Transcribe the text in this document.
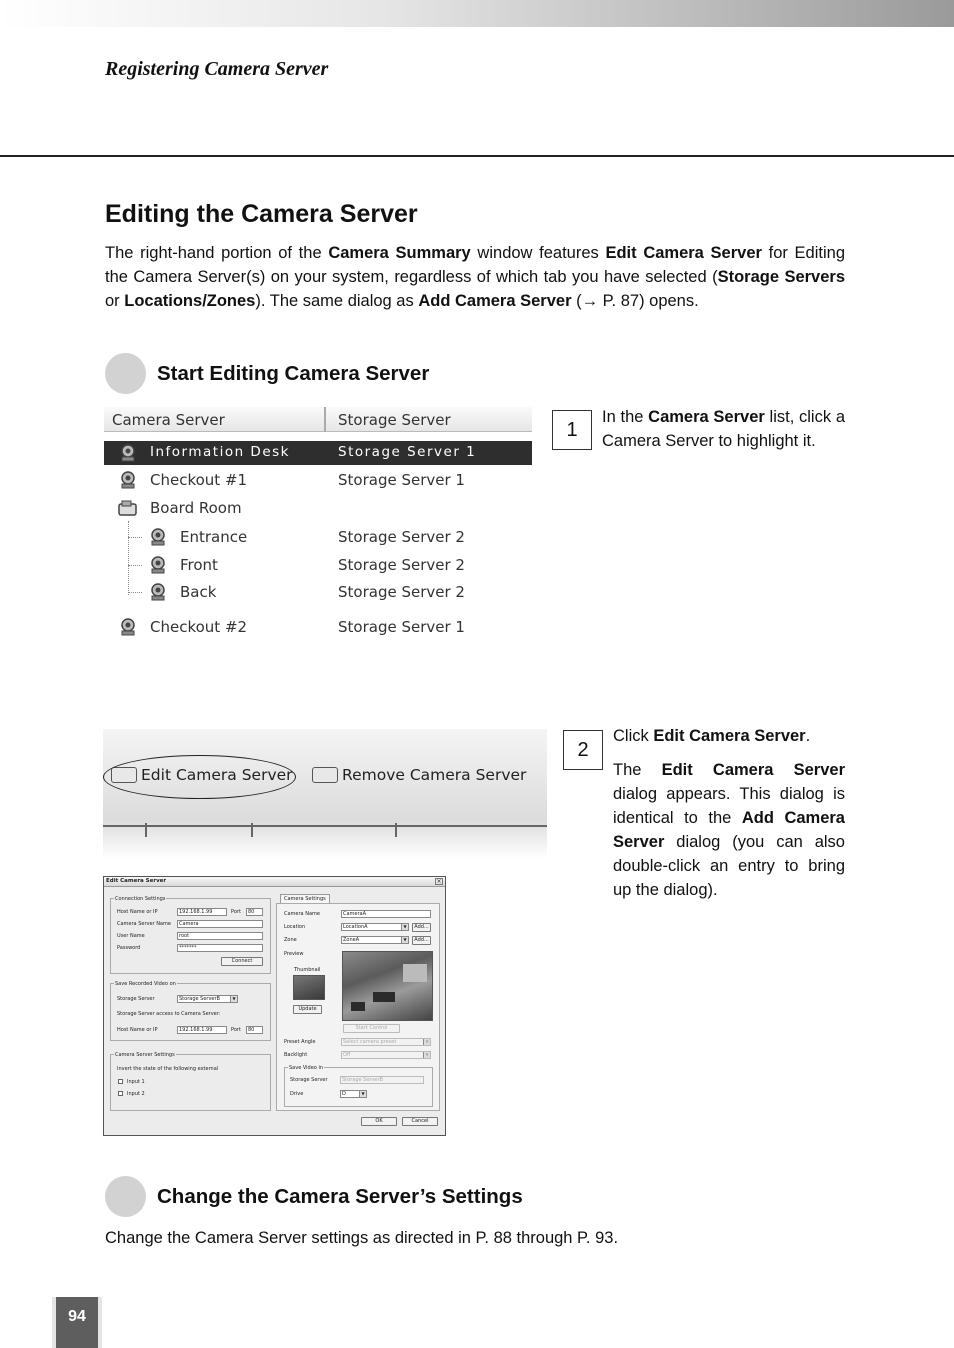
Registering Camera Server
Editing the Camera Server

The right-hand portion of the Camera Summary window features Edit Camera Server for Editing the Camera Server(s) on your system, regardless of which tab you have selected (Storage Servers or Locations/Zones). The same dialog as Add Camera Server (→ P. 87) opens.

Start Editing Camera Server
Camera Server	Storage Server
Information Desk	Storage Server 1
Checkout #1	Storage Server 1
Board Room
Entrance	Storage Server 2
Front	Storage Server 2
Back	Storage Server 2
Checkout #2	Storage Server 1
1

In the Camera Server list, click a Camera Server to highlight it.

Edit Camera Server	Remove Camera Server
2

Click Edit Camera Server.

The Edit Camera Server dialog appears. This dialog is identical to the Add Camera Server dialog (you can also double-click an entry to bring up the dialog).

Edit Camera Server	×
Connection Settings
Host Name or IP	192.168.1.99	Port	80
Camera Server Name	Camera
User Name	root
Password	*******
Connect
Save Recorded Video on
Storage Server	Storage ServerB	▼
Storage Server access to Camera Server:
Host Name or IP	192.168.1.99	Port	80
Camera Server Settings
Invert the state of the following external
Input 1
Input 2
Camera Settings
Camera Name	CameraA
Location	LocationA	▼	Add...
Zone	ZoneA	▼	Add...
Preview
Thumbnail
Update
Start Control
Preset Angle	Select camera preset	▼
Backlight	Off	▼
Save Video in
Storage Server	Storage ServerB
Drive	D	▼
OK	Cancel
Change the Camera Server’s Settings

Change the Camera Server settings as directed in P. 88 through P. 93.

94
